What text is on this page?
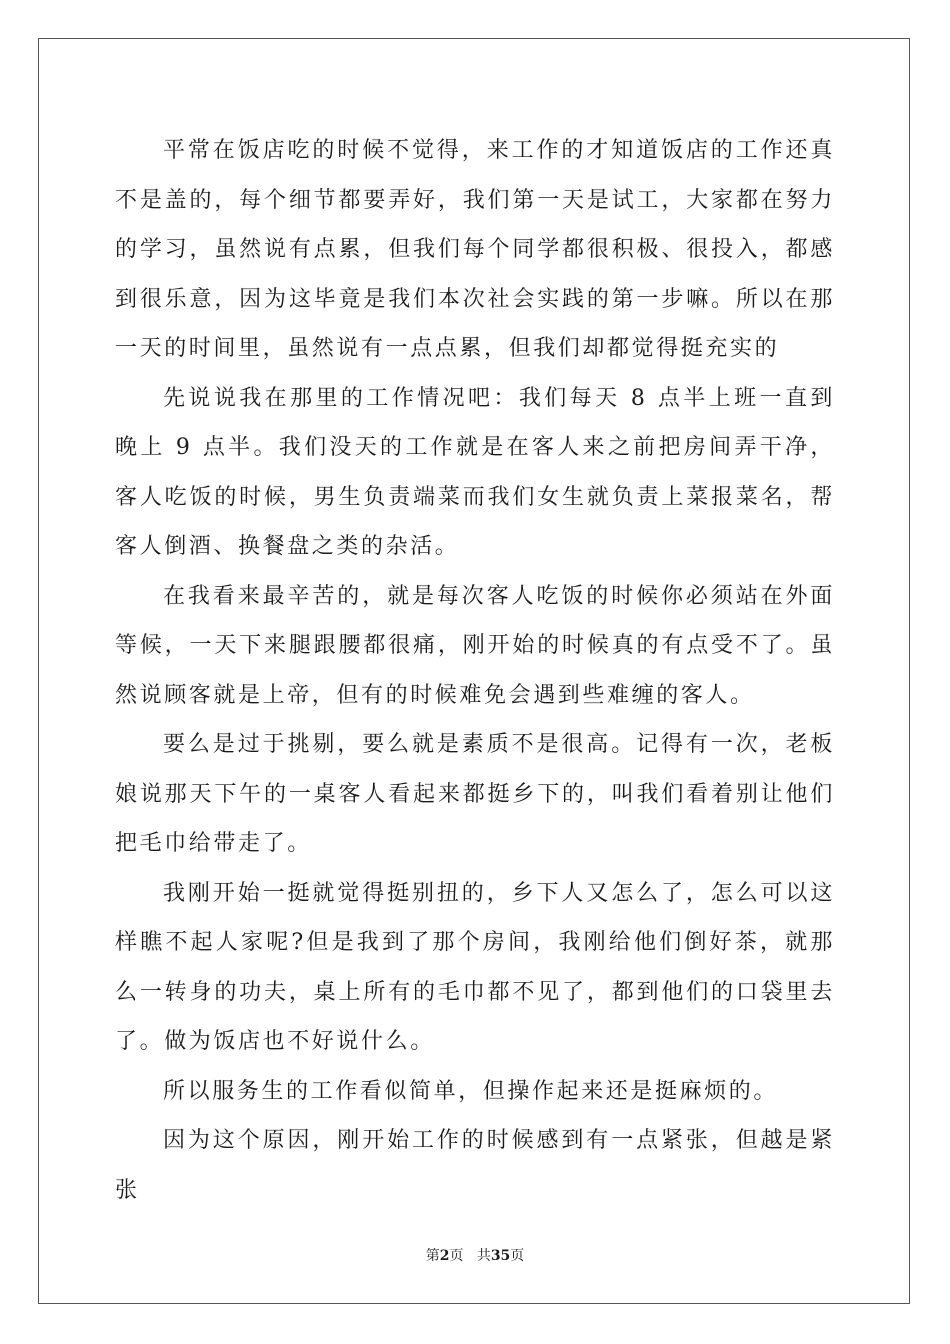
平常在饭店吃的时候不觉得，来工作的才知道饭店的工作还真不是盖的，每个细节都要弄好，我们第一天是试工，大家都在努力的学习，虽然说有点累，但我们每个同学都很积极、很投入，都感到很乐意，因为这毕竟是我们本次社会实践的第一步嘛。所以在那一天的时间里，虽然说有一点点累，但我们却都觉得挺充实的

先说说我在那里的工作情况吧：我们每天 8 点半上班一直到晚上 9 点半。我们没天的工作就是在客人来之前把房间弄干净，客人吃饭的时候，男生负责端菜而我们女生就负责上菜报菜名，帮客人倒酒、换餐盘之类的杂活。

在我看来最辛苦的，就是每次客人吃饭的时候你必须站在外面等候，一天下来腿跟腰都很痛，刚开始的时候真的有点受不了。虽然说顾客就是上帝，但有的时候难免会遇到些难缠的客人。

要么是过于挑剔，要么就是素质不是很高。记得有一次，老板娘说那天下午的一桌客人看起来都挺乡下的，叫我们看着别让他们把毛巾给带走了。

我刚开始一挺就觉得挺别扭的，乡下人又怎么了，怎么可以这样瞧不起人家呢?但是我到了那个房间，我刚给他们倒好茶，就那么一转身的功夫，桌上所有的毛巾都不见了，都到他们的口袋里去了。做为饭店也不好说什么。

所以服务生的工作看似简单，但操作起来还是挺麻烦的。

因为这个原因，刚开始工作的时候感到有一点紧张，但越是紧张

第2页 共35页
